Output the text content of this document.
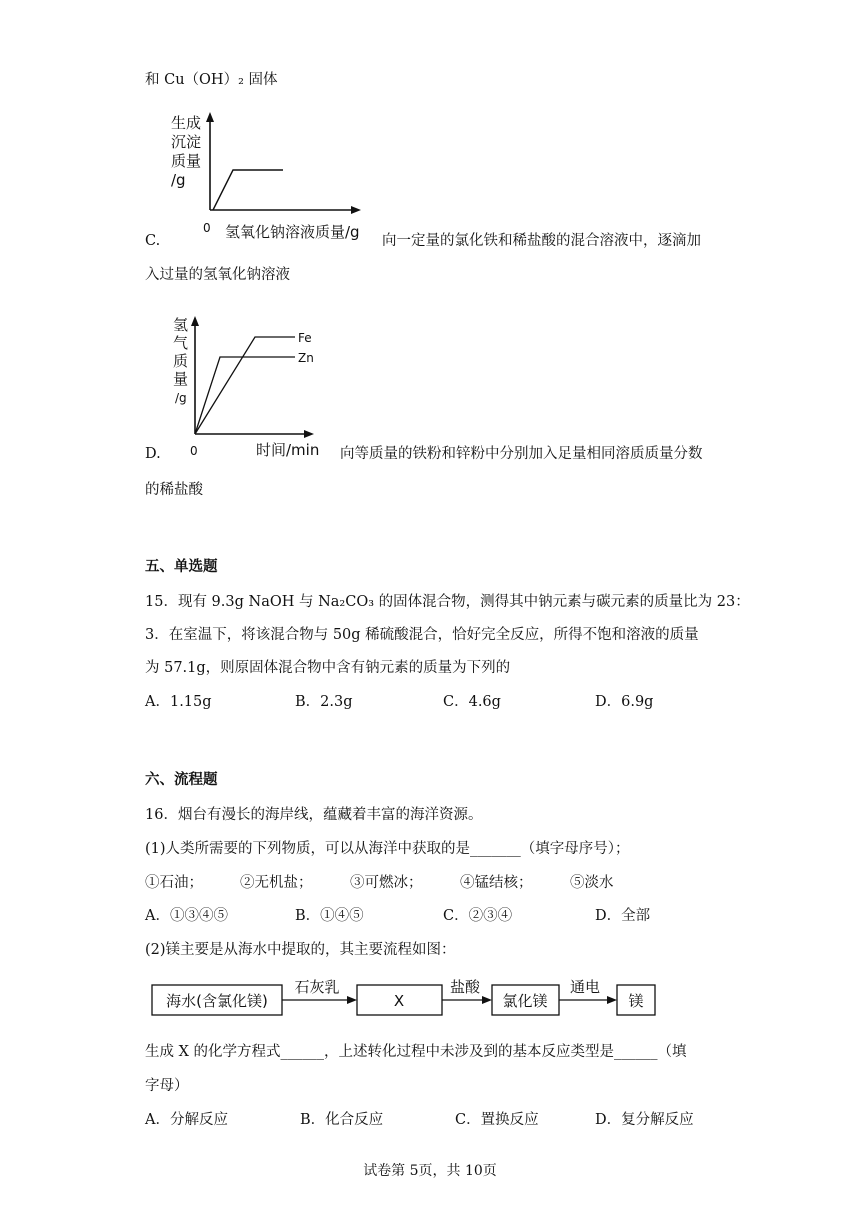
和 Cu（OH）₂ 固体
生成
沉淀
质量
/g
0 氢氧化钠溶液质量/g
C.	向一定量的氯化铁和稀盐酸的混合溶液中，逐滴加
入过量的氢氧化钠溶液
氢
气
质
量
/g
Fe
Zn
0	时间/min
D.	向等质量的铁粉和锌粉中分别加入足量相同溶质质量分数
的稀盐酸
五、单选题
15．现有 9.3g NaOH 与 Na₂CO₃ 的固体混合物，测得其中钠元素与碳元素的质量比为 23：
3．在室温下，将该混合物与 50g 稀硫酸混合，恰好完全反应，所得不饱和溶液的质量
为 57.1g，则原固体混合物中含有钠元素的质量为下列的
A．1.15g	B．2.3g	C．4.6g	D．6.9g
六、流程题
16．烟台有漫长的海岸线，蕴藏着丰富的海洋资源。
(1)人类所需要的下列物质，可以从海洋中获取的是_______（填字母序号）；
①石油；	②无机盐；	③可燃冰；	④锰结核；	⑤淡水
A．①③④⑤	B．①④⑤	C．②③④	D．全部
(2)镁主要是从海水中提取的，其主要流程如图：
海水(含氯化镁)
石灰乳
X
盐酸
氯化镁
通电
镁
生成 X 的化学方程式______，上述转化过程中未涉及到的基本反应类型是______（填
字母）
A．分解反应	B．化合反应	C．置换反应	D．复分解反应
试卷第 5页，共 10页
